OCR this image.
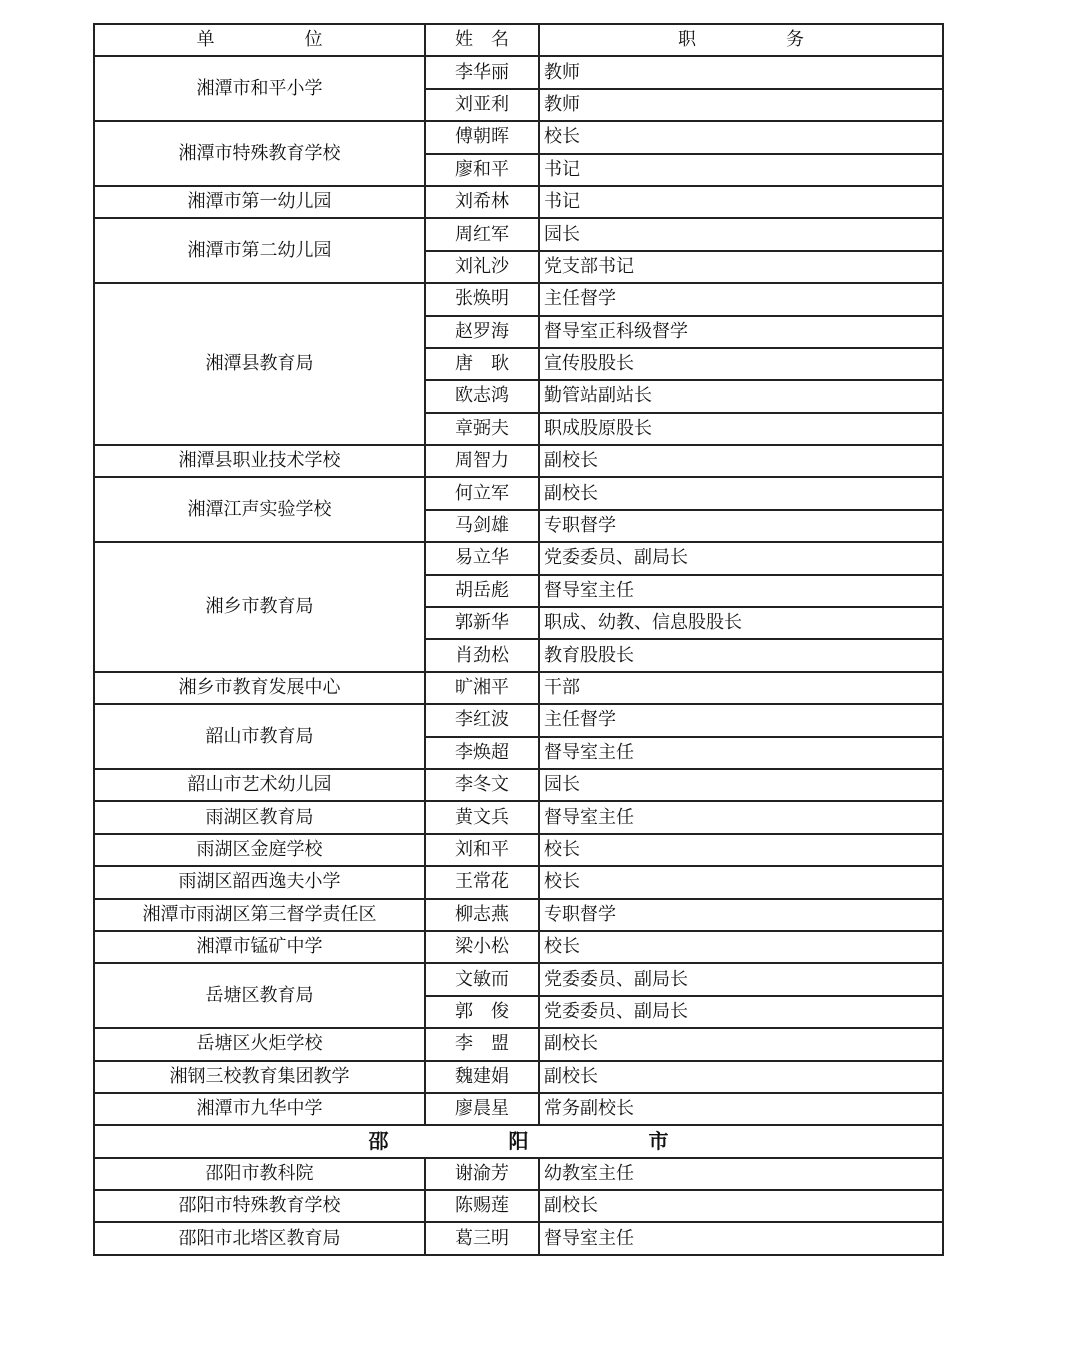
单　　　　　位	姓　名	职　　　　　务
湘潭市和平小学	李华丽	教师
	刘亚利	教师
湘潭市特殊教育学校	傅朝晖	校长
	廖和平	书记
湘潭市第一幼儿园	刘希林	书记
湘潭市第二幼儿园	周红军	园长
	刘礼沙	党支部书记
湘潭县教育局	张焕明	主任督学
	赵罗海	督导室正科级督学
	唐　耿	宣传股股长
	欧志鸿	勤管站副站长
	章弼夫	职成股原股长
湘潭县职业技术学校	周智力	副校长
湘潭江声实验学校	何立军	副校长
	马剑雄	专职督学
湘乡市教育局	易立华	党委委员、副局长
	胡岳彪	督导室主任
	郭新华	职成、幼教、信息股股长
	肖劲松	教育股股长
湘乡市教育发展中心	旷湘平	干部
韶山市教育局	李红波	主任督学
	李焕超	督导室主任
韶山市艺术幼儿园	李冬文	园长
雨湖区教育局	黄文兵	督导室主任
雨湖区金庭学校	刘和平	校长
雨湖区韶西逸夫小学	王常花	校长
湘潭市雨湖区第三督学责任区	柳志燕	专职督学
湘潭市锰矿中学	梁小松	校长
岳塘区教育局	文敏而	党委委员、副局长
	郭　俊	党委委员、副局长
岳塘区火炬学校	李　盟	副校长
湘钢三校教育集团教学	魏建娟	副校长
湘潭市九华中学	廖晨星	常务副校长
邵　　　　　　阳　　　　　　市		
邵阳市教科院	谢渝芳	幼教室主任
邵阳市特殊教育学校	陈赐莲	副校长
邵阳市北塔区教育局	葛三明	督导室主任
